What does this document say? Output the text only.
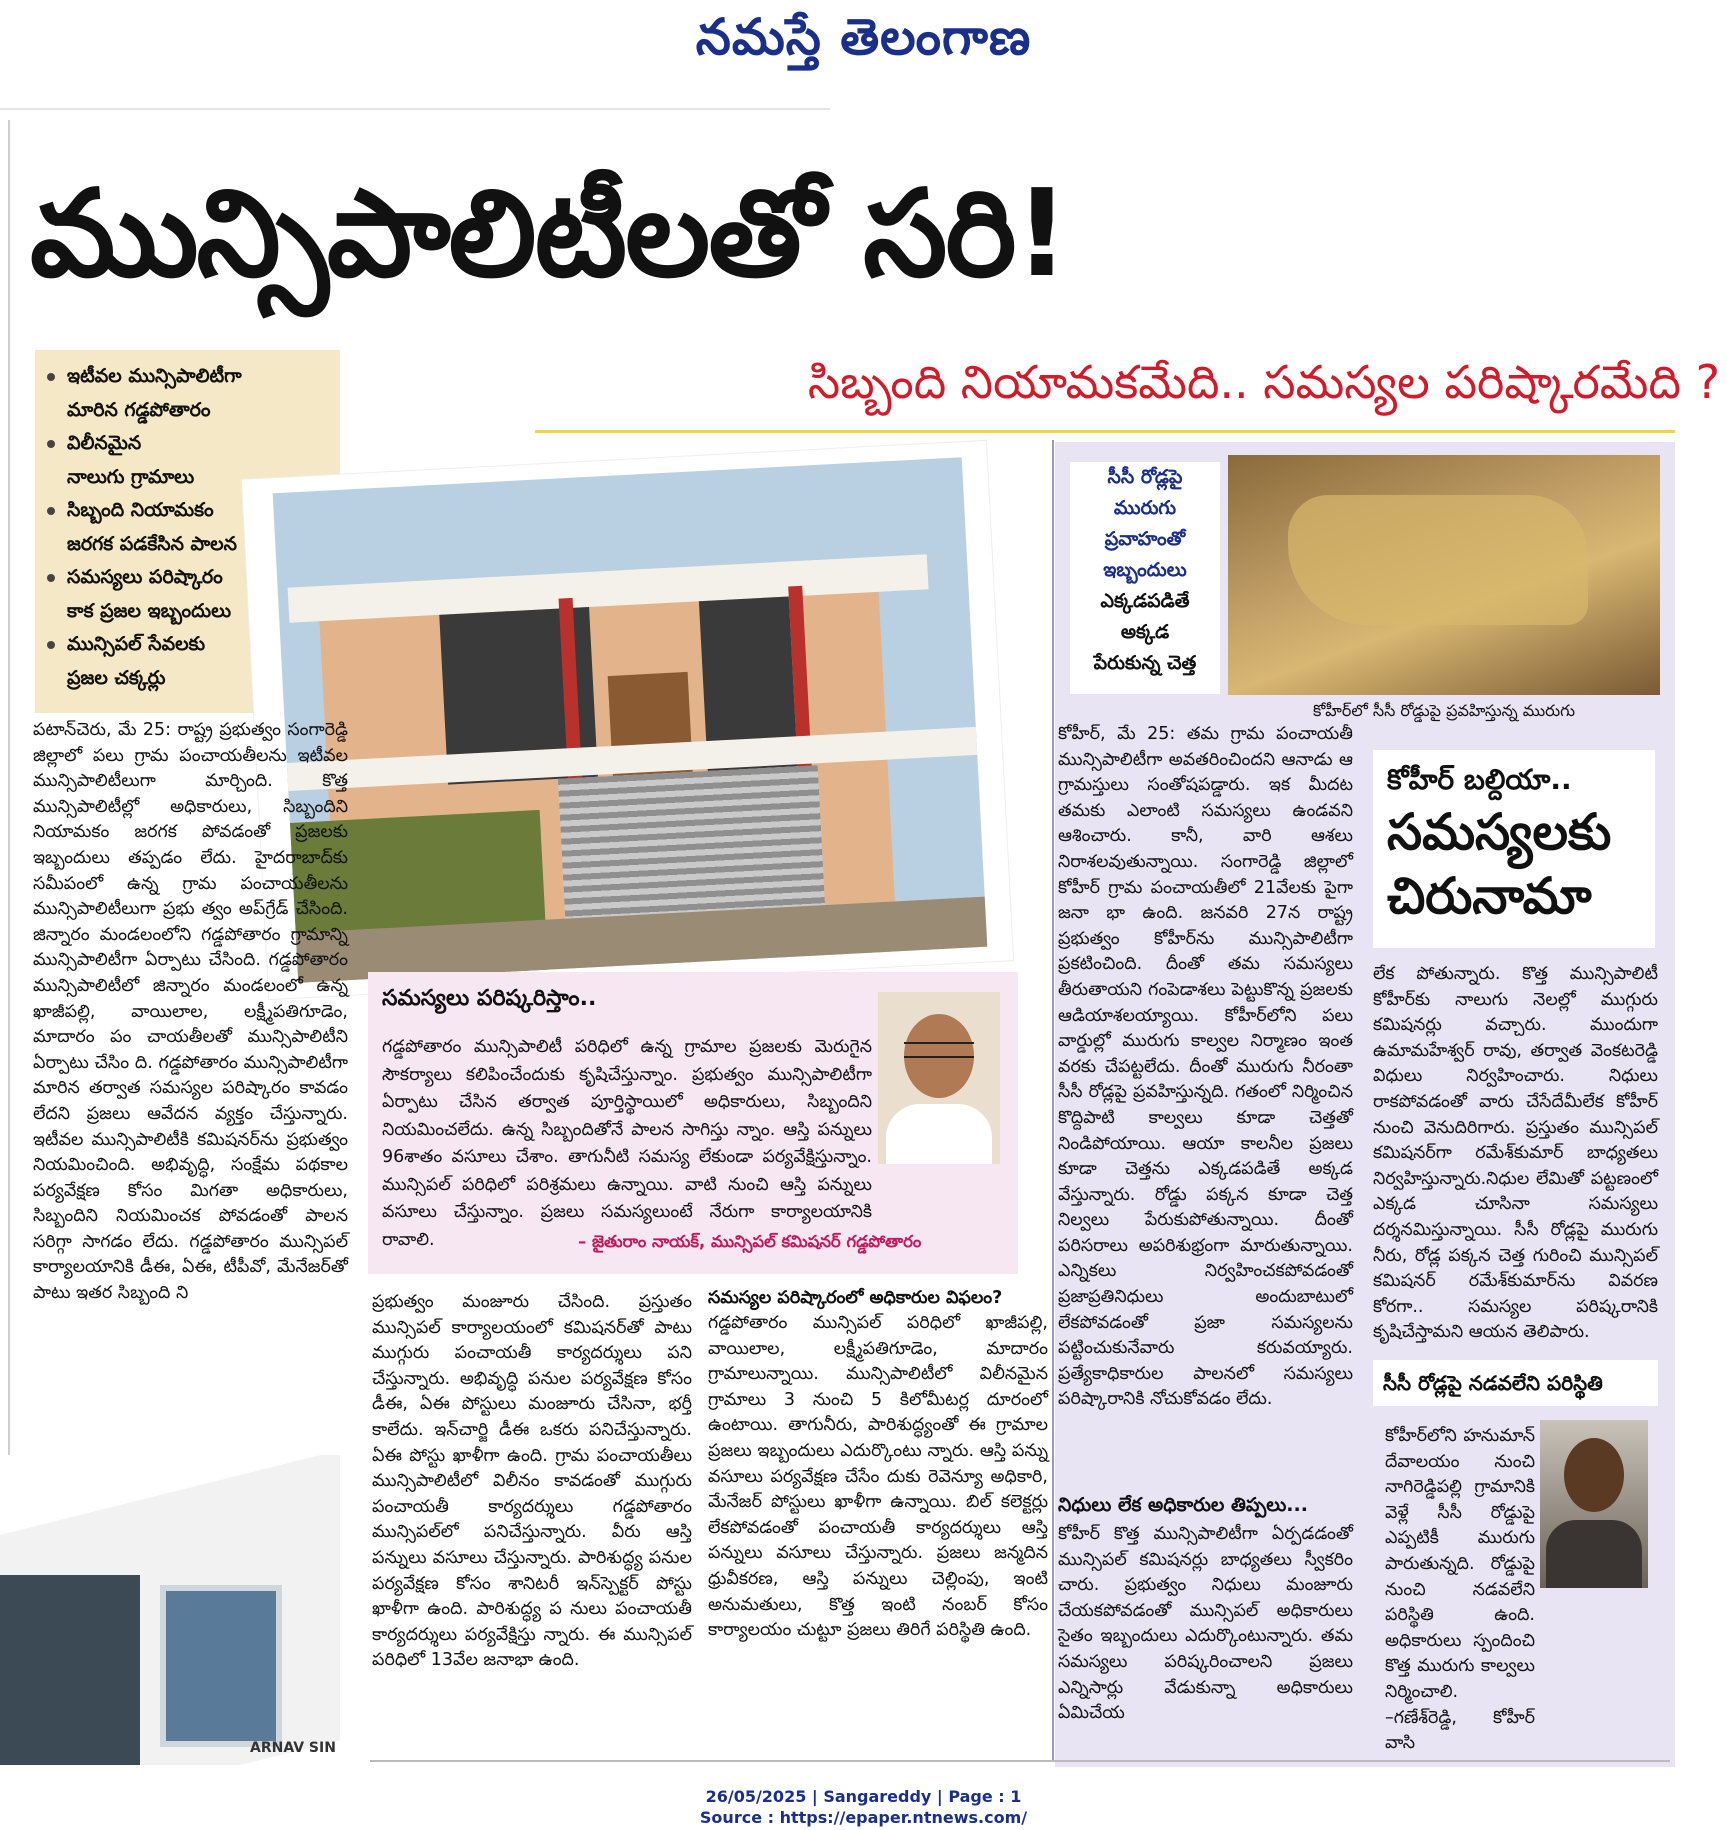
నమస్తే తెలంగాణ
మున్సిపాలిటీలతో సరి!
సిబ్బంది నియామకమేది.. సమస్యల పరిష్కారమేది ?
ఇటీవల మున్సిపాలిటీగా
మారిన గడ్డపోతారం
విలీనమైన
నాలుగు గ్రామాలు
సిబ్బంది నియామకం
జరగక పడకేసిన పాలన
సమస్యలు పరిష్కారం
కాక ప్రజల ఇబ్బందులు
మున్సిపల్ సేవలకు
ప్రజల చక్కర్లు

పటాన్‌చెరు, మే 25: రాష్ట్ర ప్రభుత్వం సంగారెడ్డి జిల్లాలో పలు గ్రామ పంచాయతీలను ఇటీవల మున్సిపాలిటీలుగా మార్చింది. కొత్త మున్సిపాలిటీల్లో అధికారులు, సిబ్బందిని నియామకం జరగక పోవడంతో ప్రజలకు ఇబ్బందులు తప్పడం లేదు. హైదరాబాద్‌కు సమీపంలో ఉన్న గ్రామ పంచాయతీలను మున్సిపాలిటీలుగా ప్రభు త్వం అప్‌గ్రేడ్ చేసింది. జిన్నారం మండలంలోని గడ్డపోతారం గ్రామాన్ని మున్సిపాలిటీగా ఏర్పాటు చేసింది. గడ్డపోతారం మున్సిపాలిటీలో జిన్నారం మండలంలో ఉన్న ఖాజీపల్లి, వాయిలాల, లక్ష్మీపతిగూడెం, మాదారం పం చాయతీలతో మున్సిపాలిటీని ఏర్పాటు చేసిం ది. గడ్డపోతారం మున్సిపాలిటీగా మారిన తర్వాత సమస్యల పరిష్కారం కావడం లేదని ప్రజలు ఆవేదన వ్యక్తం చేస్తున్నారు. ఇటీవల మున్సిపాలిటీకి కమిషనర్‌ను ప్రభుత్వం నియమించింది. అభివృద్ధి, సంక్షేమ పథకాల పర్యవేక్షణ కోసం మిగతా అధికారులు, సిబ్బందిని నియమించక పోవడంతో పాలన సరిగ్గా సాగడం లేదు. గడ్డపోతారం మున్సిపల్ కార్యాలయానికి డీఈ, ఏఈ, టీపీవో, మేనేజర్‌తో పాటు ఇతర సిబ్బంది ని

సమస్యలు పరిష్కరిస్తాం..
గడ్డపోతారం మున్సిపాలిటీ పరిధిలో ఉన్న గ్రామాల ప్రజలకు మెరుగైన సౌకర్యాలు కలిపించేందుకు కృషిచేస్తున్నాం. ప్రభుత్వం మున్సిపాలిటీగా ఏర్పాటు చేసిన తర్వాత పూర్తిస్థాయిలో అధికారులు, సిబ్బందిని నియమించలేదు. ఉన్న సిబ్బందితోనే పాలన సాగిస్తు న్నాం. ఆస్తి పన్నులు 96శాతం వసూలు చేశాం. తాగునీటి సమస్య లేకుండా పర్యవేక్షిస్తున్నాం. మున్సిపల్ పరిధిలో పరిశ్రమలు ఉన్నాయి. వాటి నుంచి ఆస్తి పన్నులు వసూలు చేస్తున్నాం. ప్రజలు సమస్యలుంటే నేరుగా కార్యాలయానికి రావాలి.	– జైతురాం నాయక్, మున్సిపల్ కమిషనర్ గడ్డపోతారం

ప్రభుత్వం మంజూరు చేసింది. ప్రస్తుతం మున్సిపల్ కార్యాలయంలో కమిషనర్‌తో పాటు ముగ్గురు పంచాయతీ కార్యదర్శులు పని చేస్తున్నారు. అభివృద్ధి పనుల పర్యవేక్షణ కోసం డీఈ, ఏఈ పోస్టులు మంజూరు చేసినా, భర్తీ కాలేదు. ఇన్‌చార్జి డీఈ ఒకరు పనిచేస్తున్నారు. ఏఈ పోస్టు ఖాళీగా ఉంది. గ్రామ పంచాయతీలు మున్సిపాలిటీలో విలీనం కావడంతో ముగ్గురు పంచాయతీ కార్యదర్శులు గడ్డపోతారం మున్సిపల్‌లో పనిచేస్తున్నారు. వీరు ఆస్తి పన్నులు వసూలు చేస్తున్నారు. పారిశుద్ధ్య పనుల పర్యవేక్షణ కోసం శానిటరీ ఇన్‌స్పెక్టర్ పోస్టు ఖాళీగా ఉంది. పారిశుద్ధ్య ప నులు పంచాయతీ కార్యదర్శులు పర్యవేక్షిస్తు న్నారు. ఈ మున్సిపల్ పరిధిలో 13వేల జనాభా ఉంది.

సమస్యల పరిష్కారంలో అధికారుల విఫలం?

గడ్డపోతారం మున్సిపల్ పరిధిలో ఖాజీపల్లి, వాయిలాల, లక్ష్మీపతిగూడెం, మాదారం గ్రామాలున్నాయి. మున్సిపాలిటీలో విలీనమైన గ్రామాలు 3 నుంచి 5 కిలోమీటర్ల దూరంలో ఉంటాయి. తాగునీరు, పారిశుద్ధ్యంతో ఈ గ్రామాల ప్రజలు ఇబ్బందులు ఎదుర్కొంటు న్నారు. ఆస్తి పన్ను వసూలు పర్యవేక్షణ చేసేం దుకు రెవెన్యూ అధికారి, మేనేజర్ పోస్టులు ఖాళీగా ఉన్నాయి. బిల్ కలెక్టర్లు లేకపోవడంతో పంచాయతీ కార్యదర్శులు ఆస్తి పన్నులు వసూలు చేస్తున్నారు. ప్రజలు జన్మదిన ధ్రువీకరణ, ఆస్తి పన్నులు చెల్లింపు, ఇంటి అనుమతులు, కొత్త ఇంటి నంబర్ కోసం కార్యాలయం చుట్టూ ప్రజలు తిరిగే పరిస్థితి ఉంది.

ARNAV SIN
సీసీ రోడ్లపై
మురుగు
ప్రవాహంతో
ఇబ్బందులు
ఎక్కడపడితే
అక్కడ
పేరుకున్న చెత్త
కోహీర్‌లో సీసీ రోడ్డుపై ప్రవహిస్తున్న మురుగు

కోహీర్, మే 25: తమ గ్రామ పంచాయతీ మున్సిపాలిటీగా అవతరించిందని ఆనాడు ఆ గ్రామస్తులు సంతోషపడ్డారు. ఇక మీదట తమకు ఎలాంటి సమస్యలు ఉండవని ఆశించారు. కానీ, వారి ఆశలు నిరాశలవుతున్నాయి. సంగారెడ్డి జిల్లాలో కోహీర్ గ్రామ పంచాయతీలో 21వేలకు పైగా జనా భా ఉంది. జనవరి 27న రాష్ట్ర ప్రభుత్వం కోహీర్‌ను మున్సిపాలిటీగా ప్రకటించింది. దీంతో తమ సమస్యలు తీరుతాయని గంపెడాశలు పెట్టుకొన్న ప్రజలకు ఆడియాశలయ్యాయి. కోహీర్‌లోని పలు వార్డుల్లో మురుగు కాల్వల నిర్మాణం ఇంత వరకు చేపట్టలేదు. దీంతో మురుగు నీరంతా సీసీ రోడ్లపై ప్రవహిస్తున్నది. గతంలో నిర్మించిన కొద్దిపాటి కాల్వలు కూడా చెత్తతో నిండిపోయాయి. ఆయా కాలనీల ప్రజలు కూడా చెత్తను ఎక్కడపడితే అక్కడ వేస్తున్నారు. రోడ్డు పక్కన కూడా చెత్త నిల్వలు పేరుకుపోతున్నాయి. దీంతో పరిసరాలు అపరిశుభ్రంగా మారుతున్నాయి. ఎన్నికలు నిర్వహించకపోవడంతో ప్రజాప్రతినిధులు అందుబాటులో లేకపోవడంతో ప్రజా సమస్యలను పట్టించుకునేవారు కరువయ్యారు. ప్రత్యేకాధికారుల పాలనలో సమస్యలు పరిష్కారానికి నోచుకోవడం లేదు.

నిధులు లేక అధికారుల తిప్పలు...

కోహీర్ కొత్త మున్సిపాలిటీగా ఏర్పడడంతో మున్సిపల్ కమిషనర్లు బాధ్యతలు స్వీకరిం చారు. ప్రభుత్వం నిధులు మంజూరు చేయకపోవడంతో మున్సిపల్ అధికారులు సైతం ఇబ్బందులు ఎదుర్కొంటున్నారు. తమ సమస్యలు పరిష్కరించాలని ప్రజలు ఎన్నిసార్లు వేడుకున్నా అధికారులు ఏమిచేయ

కోహీర్ బల్దియా..
సమస్యలకు
చిరునామా

లేక పోతున్నారు. కొత్త మున్సిపాలిటీ కోహీర్‌కు నాలుగు నెలల్లో ముగ్గురు కమిషనర్లు వచ్చారు. ముందుగా ఉమామహేశ్వర్ రావు, తర్వాత వెంకటరెడ్డి విధులు నిర్వహించారు. నిధులు రాకపోవడంతో వారు చేసేదేమీలేక కోహీర్ నుంచి వెనుదిరిగారు. ప్రస్తుతం మున్సిపల్ కమిషనర్‌గా రమేశ్‌కుమార్ బాధ్యతలు నిర్వహిస్తున్నారు.నిధుల లేమితో పట్టణంలో ఎక్కడ చూసినా సమస్యలు దర్శనమిస్తున్నాయి. సీసీ రోడ్లపై మురుగు నీరు, రోడ్ల పక్కన చెత్త గురించి మున్సిపల్ కమిషనర్ రమేశ్‌కుమార్‌ను వివరణ కోరగా.. సమస్యల పరిష్కరానికి కృషిచేస్తామని ఆయన తెలిపారు.

సీసీ రోడ్లపై నడవలేని పరిస్థితి

కోహీర్‌లోని హనుమాన్ దేవాలయం నుంచి నాగిరెడ్డిపల్లి గ్రామానికి వెళ్లే సీసీ రోడ్డుపై ఎప్పటికీ మురుగు పారుతున్నది. రోడ్డుపై నుంచి నడవలేని పరిస్థితి ఉంది. అధికారులు స్పందించి కొత్త మురుగు కాల్వలు నిర్మించాలి.

–గణేశ్‌రెడ్డి, కోహీర్ వాసి

26/05/2025 | Sangareddy | Page : 1
Source : https://epaper.ntnews.com/
